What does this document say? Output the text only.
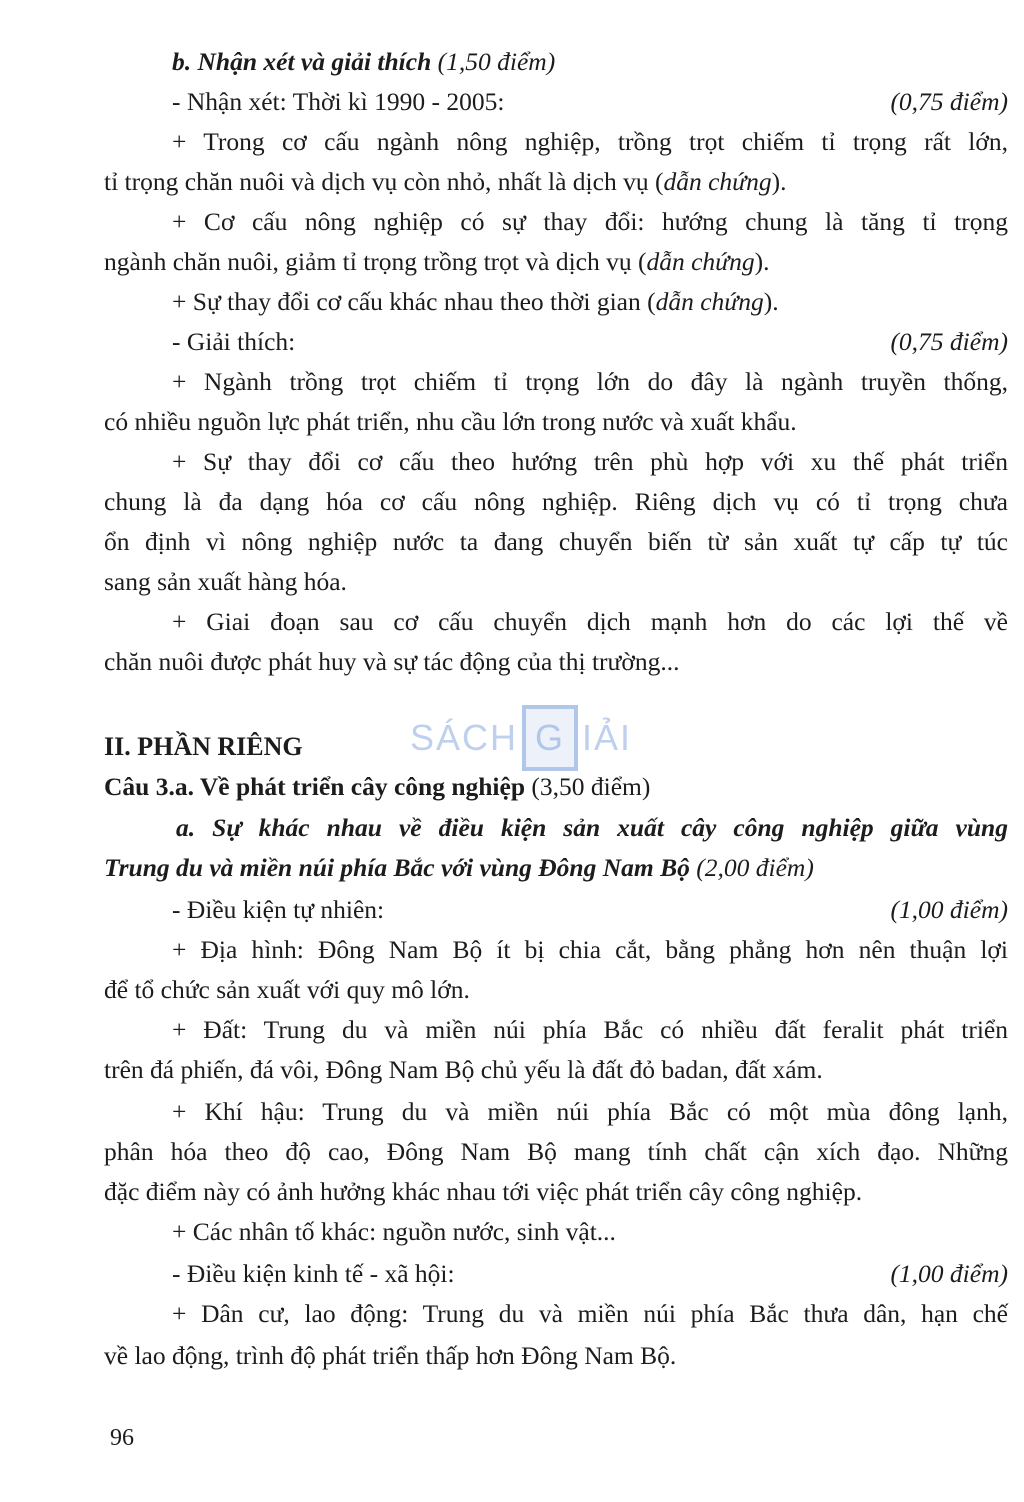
b. Nhận xét và giải thích (1,50 điểm)
- Nhận xét: Thời kì 1990 - 2005:	(0,75 điểm)
+ Trong cơ cấu ngành nông nghiệp, trồng trọt chiếm tỉ trọng rất lớn,
tỉ trọng chăn nuôi và dịch vụ còn nhỏ, nhất là dịch vụ (dẫn chứng).
+ Cơ cấu nông nghiệp có sự thay đổi: hướng chung là tăng tỉ trọng
ngành chăn nuôi, giảm tỉ trọng trồng trọt và dịch vụ (dẫn chứng).
+ Sự thay đổi cơ cấu khác nhau theo thời gian (dẫn chứng).
- Giải thích:	(0,75 điểm)
+ Ngành trồng trọt chiếm tỉ trọng lớn do đây là ngành truyền thống,
có nhiều nguồn lực phát triển, nhu cầu lớn trong nước và xuất khẩu.
+ Sự thay đổi cơ cấu theo hướng trên phù hợp với xu thế phát triển
chung là đa dạng hóa cơ cấu nông nghiệp. Riêng dịch vụ có tỉ trọng chưa
ổn định vì nông nghiệp nước ta đang chuyển biến từ sản xuất tự cấp tự túc
sang sản xuất hàng hóa.
+ Giai đoạn sau cơ cấu chuyển dịch mạnh hơn do các lợi thế về
chăn nuôi được phát huy và sự tác động của thị trường...
II. PHẦN RIÊNG
Câu 3.a. Về phát triển cây công nghiệp (3,50 điểm)
a. Sự khác nhau về điều kiện sản xuất cây công nghiệp giữa vùng
Trung du và miền núi phía Bắc với vùng Đông Nam Bộ (2,00 điểm)
- Điều kiện tự nhiên:	(1,00 điểm)
+ Địa hình: Đông Nam Bộ ít bị chia cắt, bằng phẳng hơn nên thuận lợi
để tổ chức sản xuất với quy mô lớn.
+ Đất: Trung du và miền núi phía Bắc có nhiều đất feralit phát triển
trên đá phiến, đá vôi, Đông Nam Bộ chủ yếu là đất đỏ badan, đất xám.
+ Khí hậu: Trung du và miền núi phía Bắc có một mùa đông lạnh,
phân hóa theo độ cao, Đông Nam Bộ mang tính chất cận xích đạo. Những
đặc điểm này có ảnh hưởng khác nhau tới việc phát triển cây công nghiệp.
+ Các nhân tố khác: nguồn nước, sinh vật...
- Điều kiện kinh tế - xã hội:	(1,00 điểm)
+ Dân cư, lao động: Trung du và miền núi phía Bắc thưa dân, hạn chế
về lao động, trình độ phát triển thấp hơn Đông Nam Bộ.
SÁCH G IẢI
96
